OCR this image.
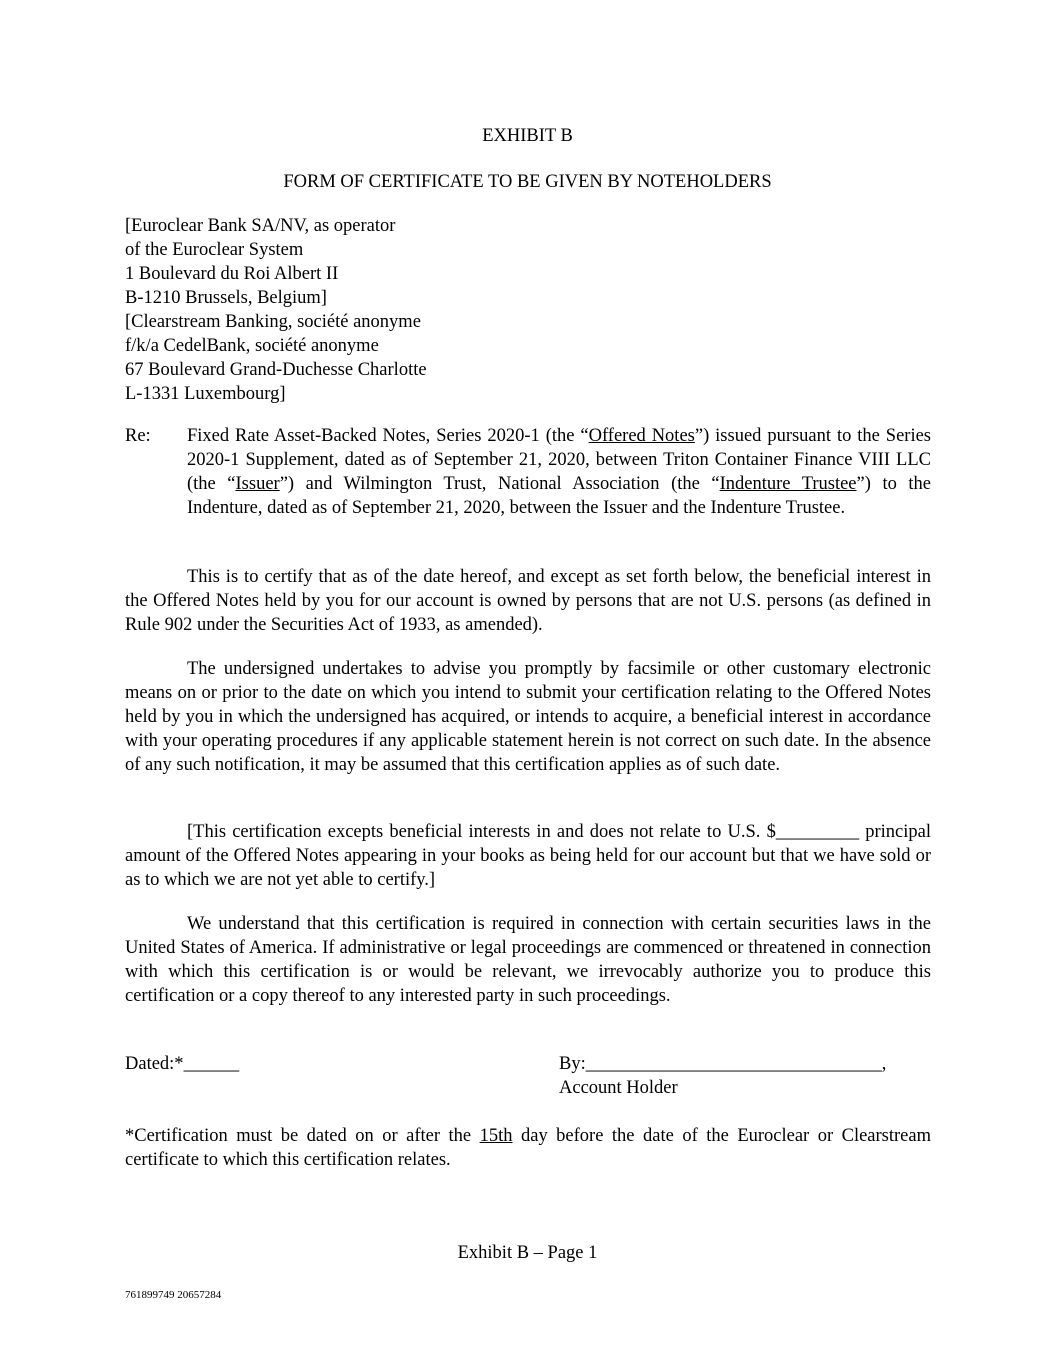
EXHIBIT B
FORM OF CERTIFICATE TO BE GIVEN BY NOTEHOLDERS
[Euroclear Bank SA/NV, as operator
of the Euroclear System
1 Boulevard du Roi Albert II
B-1210 Brussels, Belgium]
[Clearstream Banking, société anonyme
f/k/a CedelBank, société anonyme
67 Boulevard Grand-Duchesse Charlotte
L-1331 Luxembourg]
Re: Fixed Rate Asset-Backed Notes, Series 2020-1 (the “Offered Notes”) issued pursuant to the Series 2020-1 Supplement, dated as of September 21, 2020, between Triton Container Finance VIII LLC (the “Issuer”) and Wilmington Trust, National Association (the “Indenture Trustee”) to the Indenture, dated as of September 21, 2020, between the Issuer and the Indenture Trustee.
This is to certify that as of the date hereof, and except as set forth below, the beneficial interest in the Offered Notes held by you for our account is owned by persons that are not U.S. persons (as defined in Rule 902 under the Securities Act of 1933, as amended).
The undersigned undertakes to advise you promptly by facsimile or other customary electronic means on or prior to the date on which you intend to submit your certification relating to the Offered Notes held by you in which the undersigned has acquired, or intends to acquire, a beneficial interest in accordance with your operating procedures if any applicable statement herein is not correct on such date. In the absence of any such notification, it may be assumed that this certification applies as of such date.
[This certification excepts beneficial interests in and does not relate to U.S. $_________ principal amount of the Offered Notes appearing in your books as being held for our account but that we have sold or as to which we are not yet able to certify.]
We understand that this certification is required in connection with certain securities laws in the United States of America. If administrative or legal proceedings are commenced or threatened in connection with which this certification is or would be relevant, we irrevocably authorize you to produce this certification or a copy thereof to any interested party in such proceedings.
Dated:*______	By:________________________________,
Account Holder
*Certification must be dated on or after the 15th day before the date of the Euroclear or Clearstream certificate to which this certification relates.
Exhibit B – Page 1
761899749 20657284
